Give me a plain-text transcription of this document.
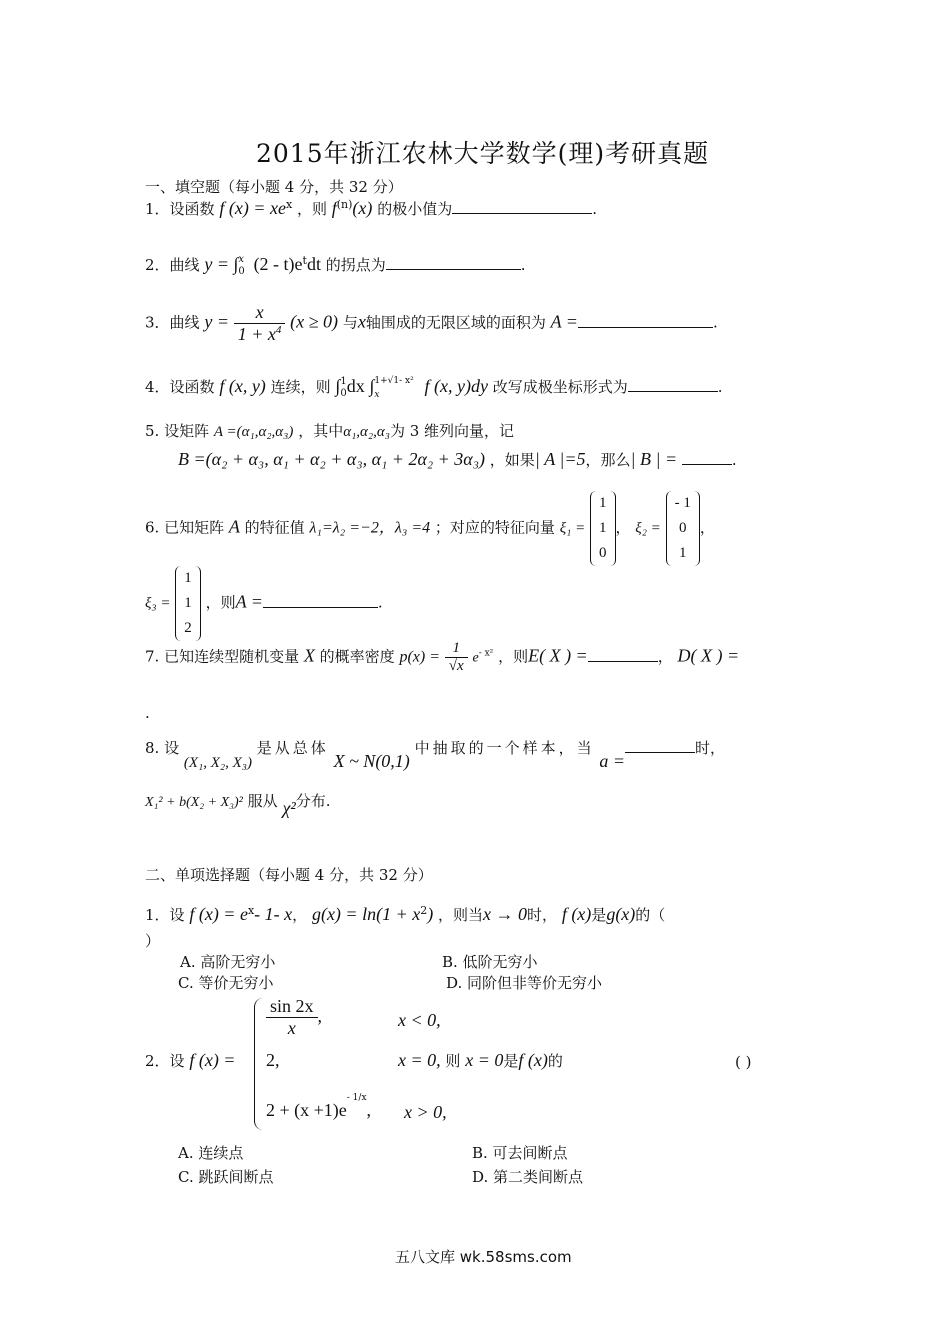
2015年浙江农林大学数学(理)考研真题
一、填空题（每小题 4 分，共 32 分）
1．设函数 f $(x) = xe^x$ ，则 $f^{(n)}(x)$ 的极小值为	.
2．曲线 y = ∫ x
0 $(2 - t)e^tdt$ 的拐点为	.
3．曲线 $y = \frac{x}{1 + x^4} (x \ge 0)$ 与x轴围成的无限区域的面积为 A =	.
4．设函数 f (x, y) 连续，则 ∫ 1
0 dx ∫ 1+√1- x²
x	f (x, y)dy 改写成极坐标形式为	.
5. 设矩阵 A =(α₁,α₂,α₃) ，其中α₁,α₂,α₃为 3 维列向量，记
B =(α₂ + α₃, α₁ + α₂ + α₃, α₁ + 2α₂ + 3α₃) ，如果| A |=5，那么| B | =	.
6. 已知矩阵 A 的特征值 λ₁=λ₂ =−2，λ₃ =4 ；对应的特征向量 ξ₁ =
1
1
0
， ξ₂ =
- 1
0
1
，
ξ₃ =
1
1
2
，则A =	.
7. 已知连续型随机变量 X 的概率密度 $p(x) = \frac{1}{√x} e^{- x^2}$ ，则E( X ) =	， D( X ) =
.
8. 设 (X₁, X₂, X₃) 是从总体 X ~ N(0,1) 中抽取的一个样本，当 a =时，
X₁² + b(X₂ + X₃)² 服从 χ²分布.
二、单项选择题（每小题 4 分，共 32 分）
1．设 f $(x) = e^x-$ 1- x， $g(x) = \ln(1 + x^2)$ ，则当x → 0时， f (x)是g(x)的（
）
A. 高阶无穷小	B. 低阶无穷小
C. 等价无穷小	D. 同阶但非等价无穷小
2．设 f (x) =
$\frac{\sin 2x}{x}$ ,	x < 0,
2,	x = 0, 则 x = 0是f (x)的	( )
$2 + (x +1)e^{- 1/x}$, x > 0,
A. 连续点	B. 可去间断点
C. 跳跃间断点	D. 第二类间断点
五八文库 wk.58sms.com
